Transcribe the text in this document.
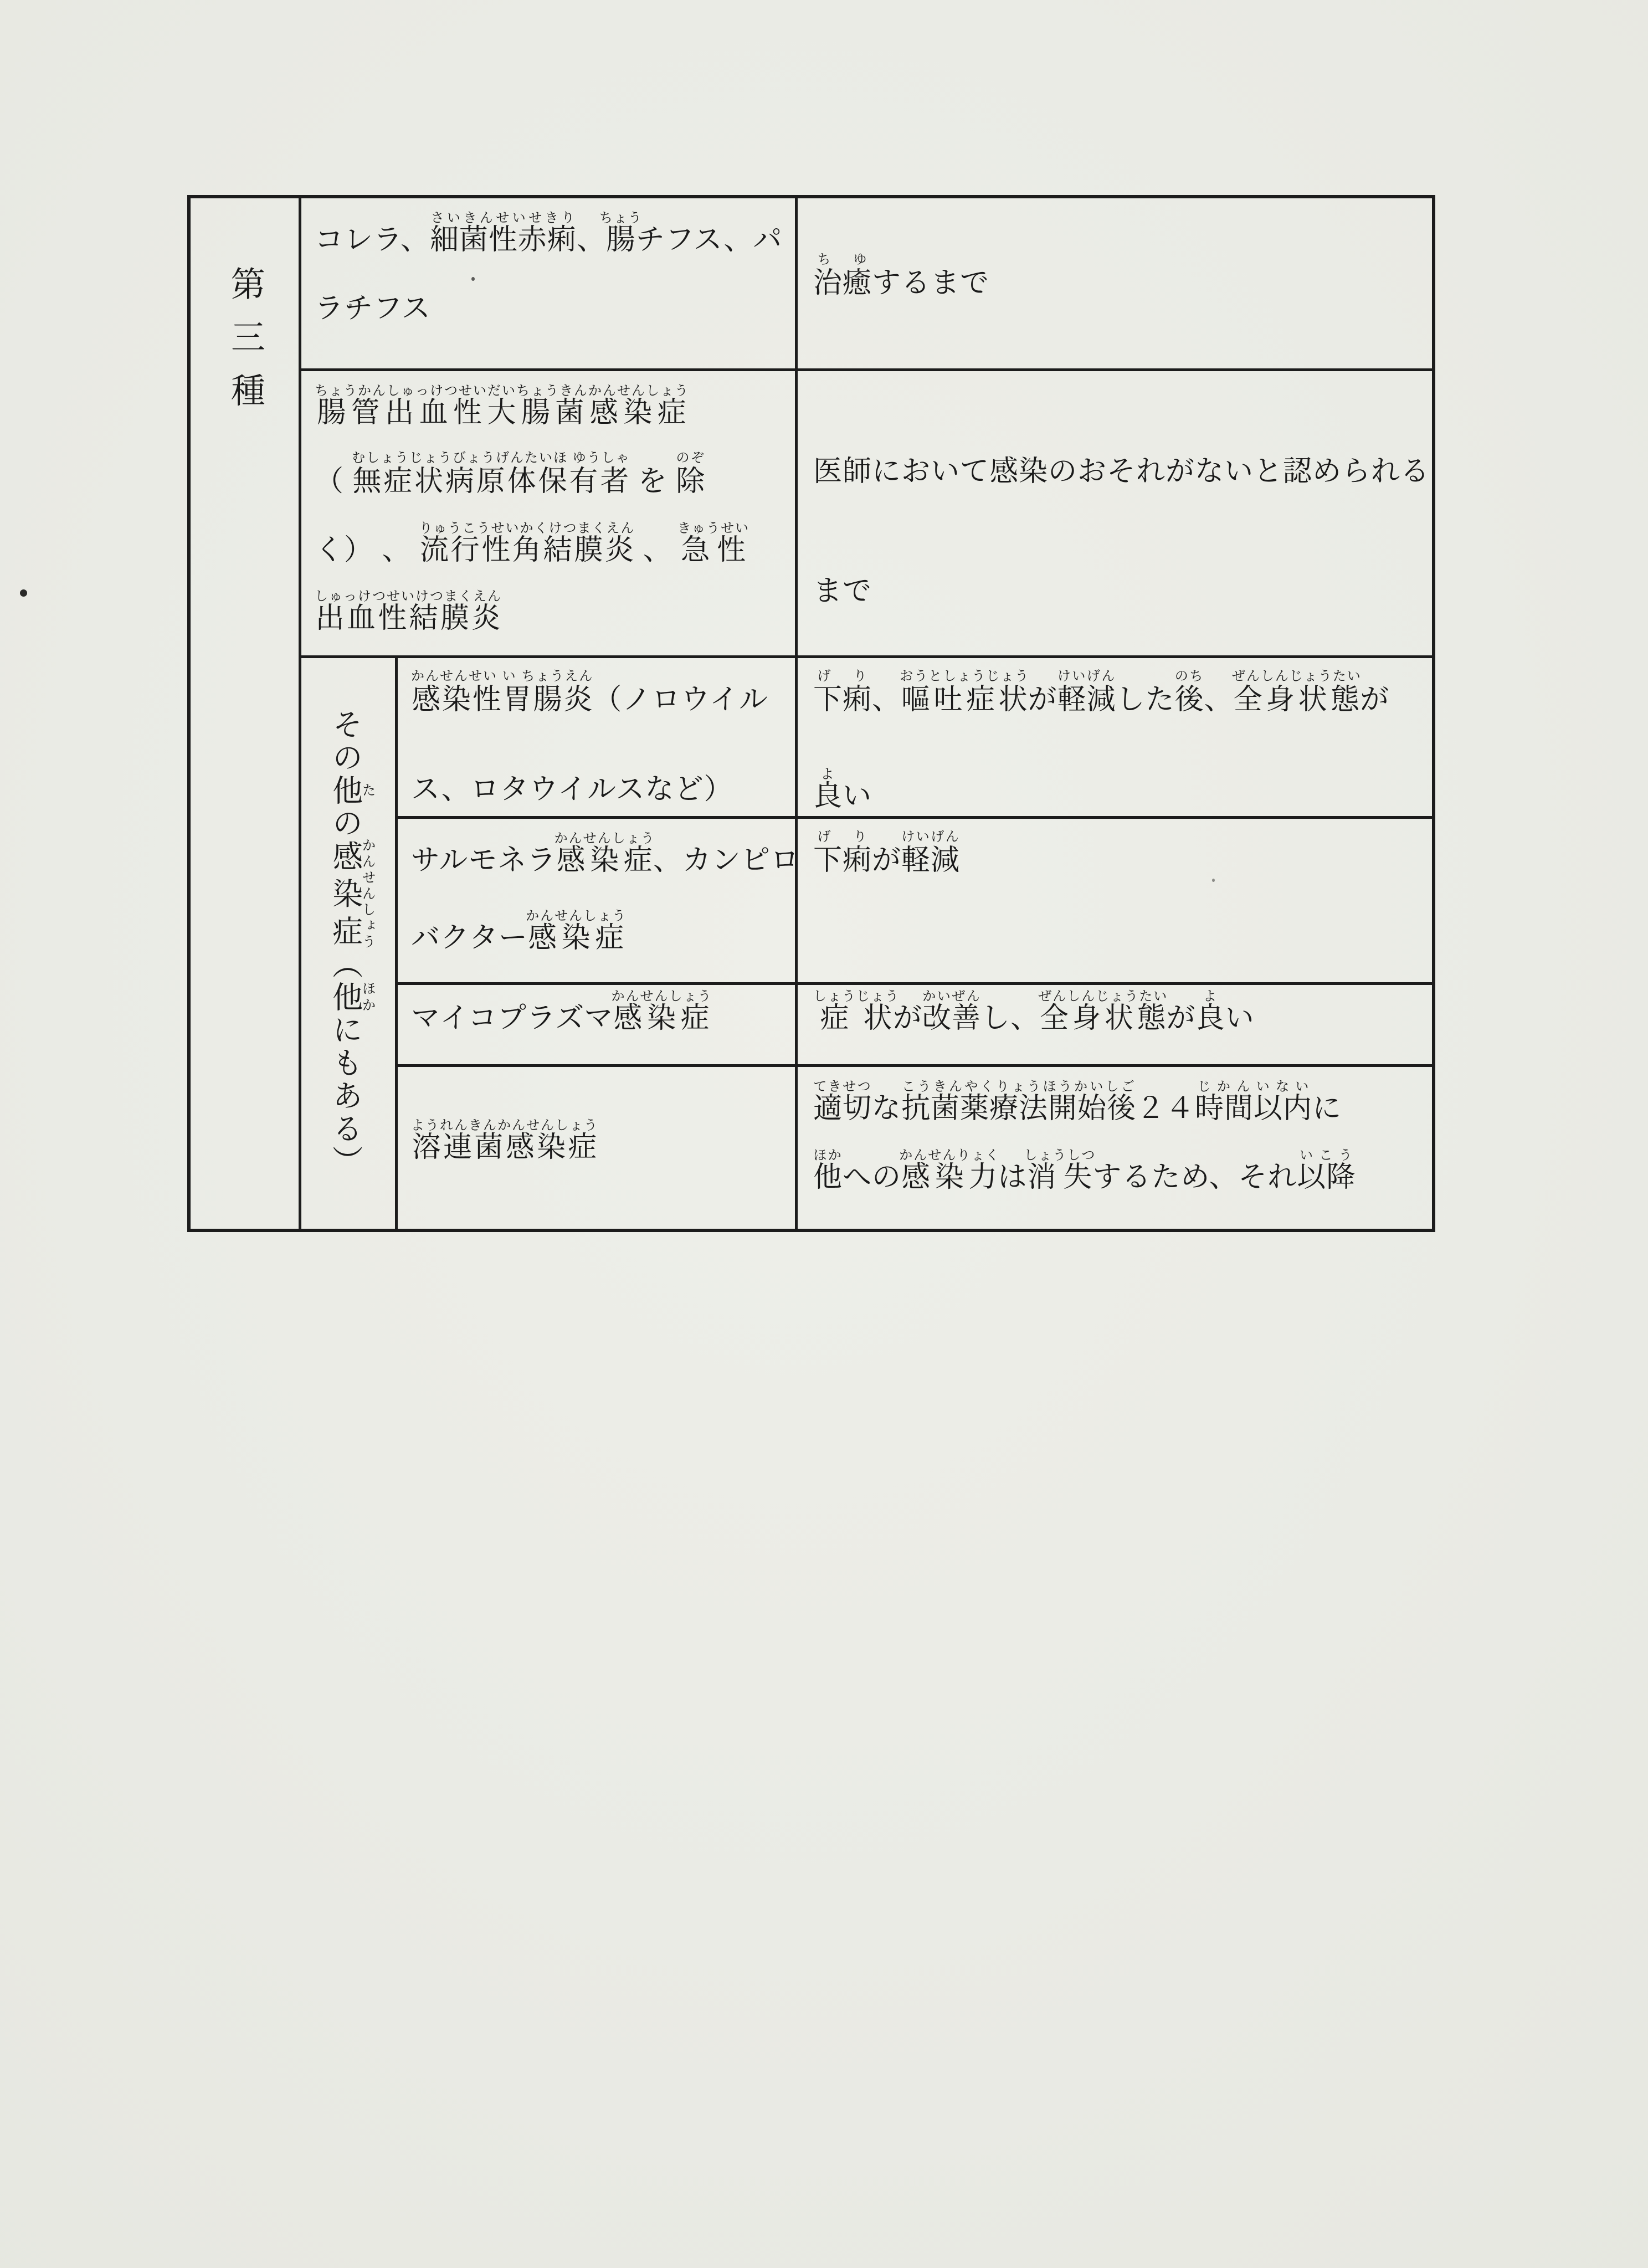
第三種
コレラ、細菌性赤痢さいきんせいせきり、腸ちょうチフス、パ
ラチフス
治癒ち ゆするまで
腸管出血性大腸菌感染症ちょうかんしゅっけつせいだいちょうきんかんせんしょう
（ 無症状病原体保有者むしょうじょうびょうげんたいほ ゆうしゃ を 除のぞ
く） 、 流行性角結膜炎りゅうこうせいかくけつまくえん 、 急性きゅうせい
出血性結膜炎しゅっけつせいけつまくえん
医師において感染のおそれがないと認められる
まで
その他たの感染症かんせんしょう（他ほかにもある）
感染性胃腸炎かんせんせい い ちょうえん（ノロウイル
ス、ロタウイルスなど）
下痢げ り、嘔吐症状おうとしょうじょうが軽減けいげんした後のち、全身状態ぜんしんじょうたいが
良よい
サルモネラ感染症かんせんしょう、カンピロ
バクター感染症かんせんしょう
下痢げ りが軽減けいげん
マイコプラズマ感染症かんせんしょう
症状しょうじょうが改善かいぜんし、全身状態ぜんしんじょうたいが良よい
溶連菌感染症ようれんきんかんせんしょう
適切てきせつな抗菌薬療法開始後こうきんやくりょうほうかいしご２４時間以内じかんいないに
他ほかへの感染力かんせんりょくは消失しょうしつするため、それ以降いこう
